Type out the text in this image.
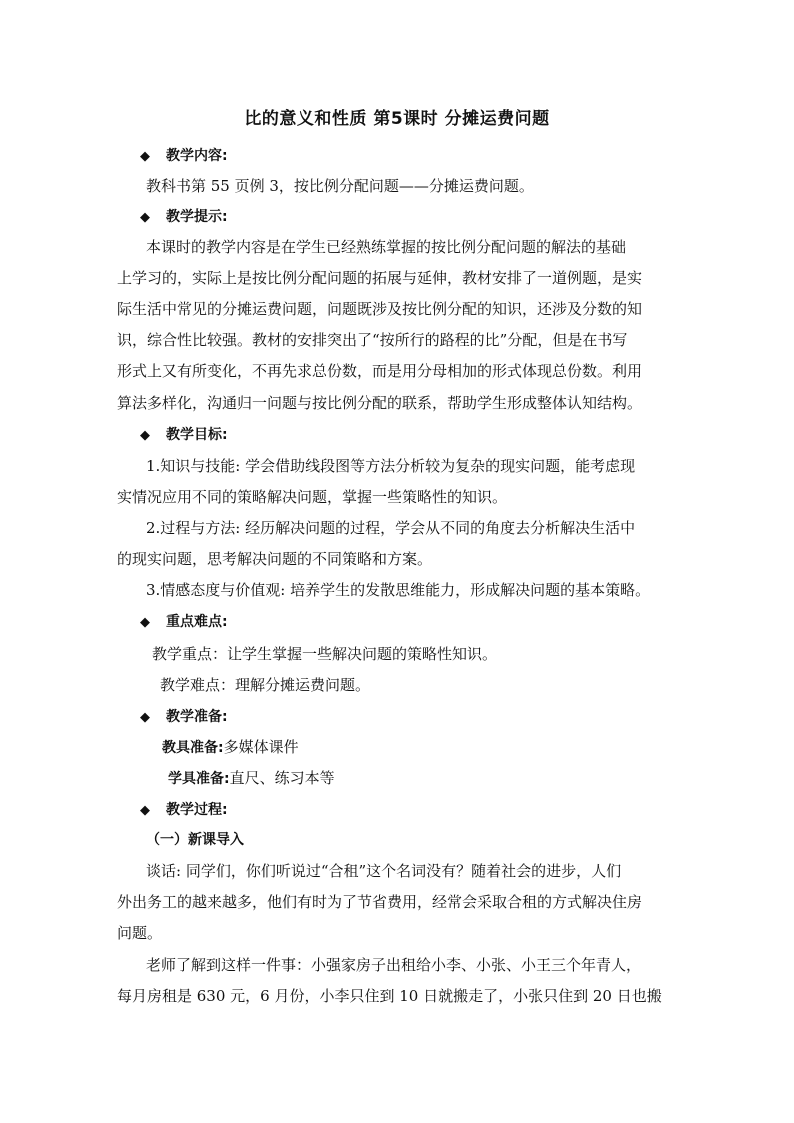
比的意义和性质 第5课时 分摊运费问题
◆ 教学内容:
教科书第 55 页例 3，按比例分配问题——分摊运费问题。
◆ 教学提示:
本课时的教学内容是在学生已经熟练掌握的按比例分配问题的解法的基础
上学习的，实际上是按比例分配问题的拓展与延伸，教材安排了一道例题，是实
际生活中常见的分摊运费问题，问题既涉及按比例分配的知识，还涉及分数的知
识，综合性比较强。教材的安排突出了“按所行的路程的比”分配，但是在书写
形式上又有所变化，不再先求总份数，而是用分母相加的形式体现总份数。利用
算法多样化，沟通归一问题与按比例分配的联系，帮助学生形成整体认知结构。
◆ 教学目标:
1.知识与技能: 学会借助线段图等方法分析较为复杂的现实问题，能考虑现
实情况应用不同的策略解决问题，掌握一些策略性的知识。
2.过程与方法: 经历解决问题的过程，学会从不同的角度去分析解决生活中
的现实问题，思考解决问题的不同策略和方案。
3.情感态度与价值观: 培养学生的发散思维能力，形成解决问题的基本策略。
◆ 重点难点:
教学重点：让学生掌握一些解决问题的策略性知识。
教学难点：理解分摊运费问题。
◆ 教学准备:
教具准备:多媒体课件
学具准备:直尺、练习本等
◆ 教学过程:
（一）新课导入
谈话: 同学们，你们听说过“合租”这个名词没有？随着社会的进步，人们
外出务工的越来越多，他们有时为了节省费用，经常会采取合租的方式解决住房
问题。
老师了解到这样一件事：小强家房子出租给小李、小张、小王三个年青人，
每月房租是 630 元，6 月份，小李只住到 10 日就搬走了，小张只住到 20 日也搬
